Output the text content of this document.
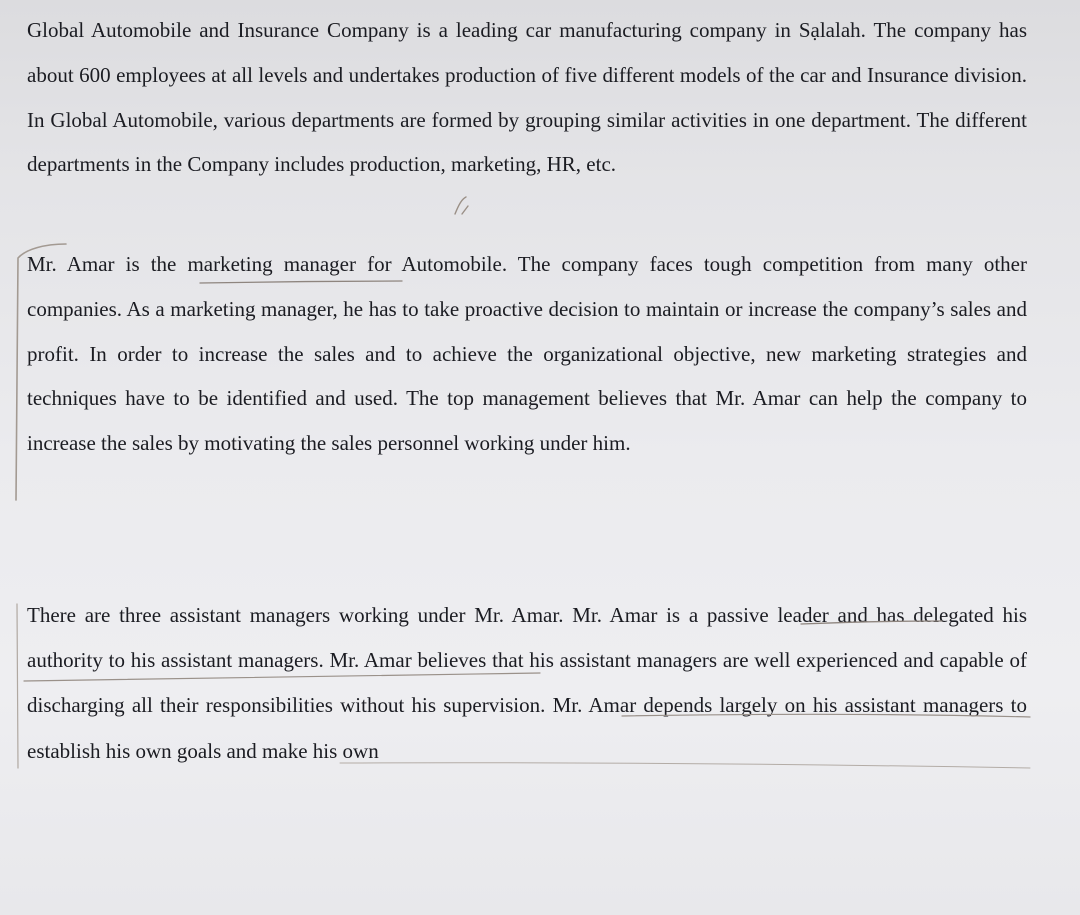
Global Automobile and Insurance Company is a leading car manufacturing company in Sạlalah. The company has about 600 employees at all levels and undertakes production of five different models of the car and Insurance division. In Global Automobile, various departments are formed by grouping similar activities in one department. The different departments in the Company includes production, marketing, HR, etc.

Mr. Amar is the marketing manager for Automobile. The company faces tough competition from many other companies. As a marketing manager, he has to take proactive decision to maintain or increase the company’s sales and profit. In order to increase the sales and to achieve the organizational objective, new marketing strategies and techniques have to be identified and used. The top management believes that Mr. Amar can help the company to increase the sales by motivating the sales personnel working under him.

There are three assistant managers working under Mr. Amar. Mr. Amar is a passive leader and has delegated his authority to his assistant managers. Mr. Amar believes that his assistant managers are well experienced and capable of discharging all their responsibilities without his supervision. Mr. Amar depends largely on his assistant managers to establish his own goals and make his own
